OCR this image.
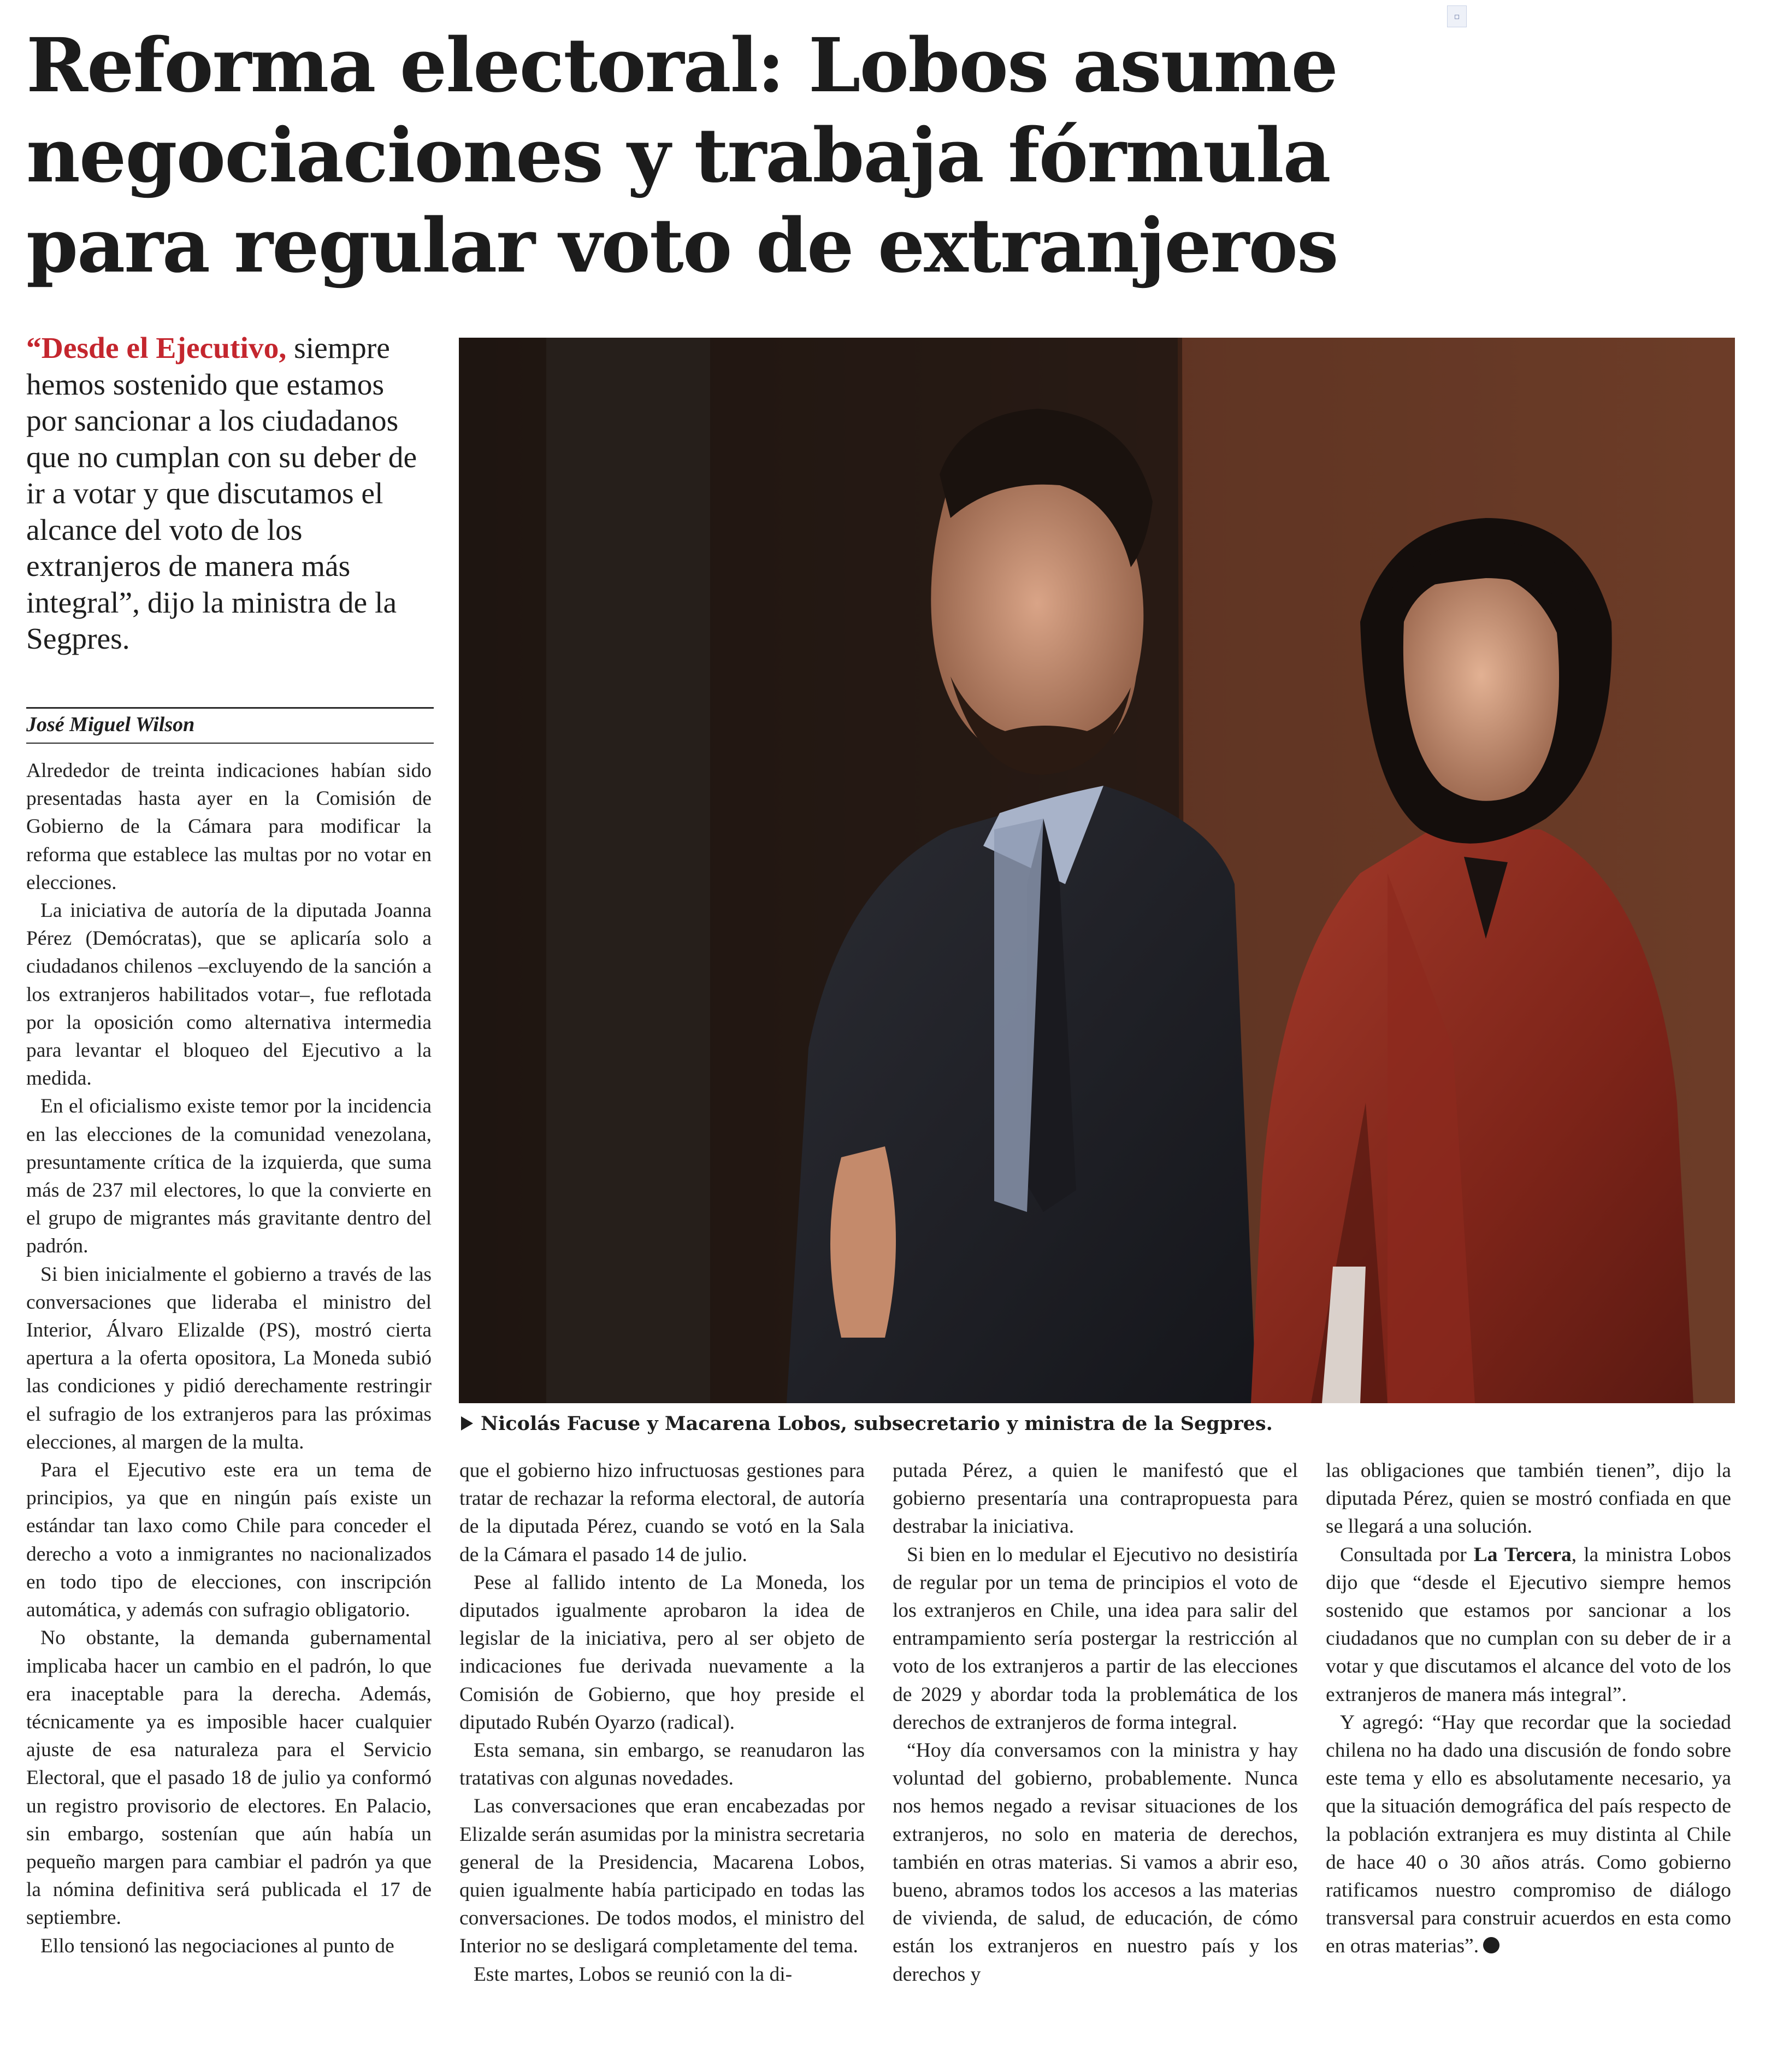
▫
Reforma electoral: Lobos asume
negociaciones y trabaja fórmula
para regular voto de extranjeros
“Desde el Ejecutivo, siempre hemos sostenido que estamos por sancionar a los ciudadanos que no cumplan con su deber de ir a votar y que discutamos el alcance del voto de los extranjeros de manera más integral”, dijo la ministra de la Segpres.
José Miguel Wilson

Alrededor de treinta indicaciones habían sido presentadas hasta ayer en la Comisión de Gobierno de la Cámara para modificar la reforma que establece las multas por no votar en elecciones.

La iniciativa de autoría de la diputada Joanna Pérez (Demócratas), que se aplicaría solo a ciudadanos chilenos –excluyendo de la sanción a los extranjeros habilitados votar–, fue reflotada por la oposición como alternativa intermedia para levantar el bloqueo del Ejecutivo a la medida.

En el oficialismo existe temor por la incidencia en las elecciones de la comunidad venezolana, presuntamente crítica de la izquierda, que suma más de 237 mil electores, lo que la convierte en el grupo de migrantes más gravitante dentro del padrón.

Si bien inicialmente el gobierno a través de las conversaciones que lideraba el ministro del Interior, Álvaro Elizalde (PS), mostró cierta apertura a la oferta opositora, La Moneda subió las condiciones y pidió derechamente restringir el sufragio de los extranjeros para las próximas elecciones, al margen de la multa.

Para el Ejecutivo este era un tema de principios, ya que en ningún país existe un estándar tan laxo como Chile para conceder el derecho a voto a inmigrantes no nacionalizados en todo tipo de elecciones, con inscripción automática, y además con sufragio obligatorio.

No obstante, la demanda gubernamental implicaba hacer un cambio en el padrón, lo que era inaceptable para la derecha. Además, técnicamente ya es imposible hacer cualquier ajuste de esa naturaleza para el Servicio Electoral, que el pasado 18 de julio ya conformó un registro provisorio de electores. En Palacio, sin embargo, sostenían que aún había un pequeño margen para cambiar el padrón ya que la nómina definitiva será publicada el 17 de septiembre.

Ello tensionó las negociaciones al punto de

Nicolás Facuse y Macarena Lobos, subsecretario y ministra de la Segpres.

que el gobierno hizo infructuosas gestiones para tratar de rechazar la reforma electoral, de autoría de la diputada Pérez, cuando se votó en la Sala de la Cámara el pasado 14 de julio.

Pese al fallido intento de La Moneda, los diputados igualmente aprobaron la idea de legislar de la iniciativa, pero al ser objeto de indicaciones fue derivada nuevamente a la Comisión de Gobierno, que hoy preside el diputado Rubén Oyarzo (radical).

Esta semana, sin embargo, se reanudaron las tratativas con algunas novedades.

Las conversaciones que eran encabezadas por Elizalde serán asumidas por la ministra secretaria general de la Presidencia, Macarena Lobos, quien igualmente había participado en todas las conversaciones. De todos modos, el ministro del Interior no se desligará completamente del tema.

Este martes, Lobos se reunió con la di-

putada Pérez, a quien le manifestó que el gobierno presentaría una contrapropuesta para destrabar la iniciativa.

Si bien en lo medular el Ejecutivo no desistiría de regular por un tema de principios el voto de los extranjeros en Chile, una idea para salir del entrampamiento sería postergar la restricción al voto de los extranjeros a partir de las elecciones de 2029 y abordar toda la problemática de los derechos de extranjeros de forma integral.

“Hoy día conversamos con la ministra y hay voluntad del gobierno, probablemente. Nunca nos hemos negado a revisar situaciones de los extranjeros, no solo en materia de derechos, también en otras materias. Si vamos a abrir eso, bueno, abramos todos los accesos a las materias de vivienda, de salud, de educación, de cómo están los extranjeros en nuestro país y los derechos y

las obligaciones que también tienen”, dijo la diputada Pérez, quien se mostró confiada en que se llegará a una solución.

Consultada por La Tercera, la ministra Lobos dijo que “desde el Ejecutivo siempre hemos sostenido que estamos por sancionar a los ciudadanos que no cumplan con su deber de ir a votar y que discutamos el alcance del voto de los extranjeros de manera más integral”.

Y agregó: “Hay que recordar que la sociedad chilena no ha dado una discusión de fondo sobre este tema y ello es absolutamente necesario, ya que la situación demográfica del país respecto de la población extranjera es muy distinta al Chile de hace 40 o 30 años atrás. Como gobierno ratificamos nuestro compromiso de diálogo transversal para construir acuerdos en esta como en otras materias”.
